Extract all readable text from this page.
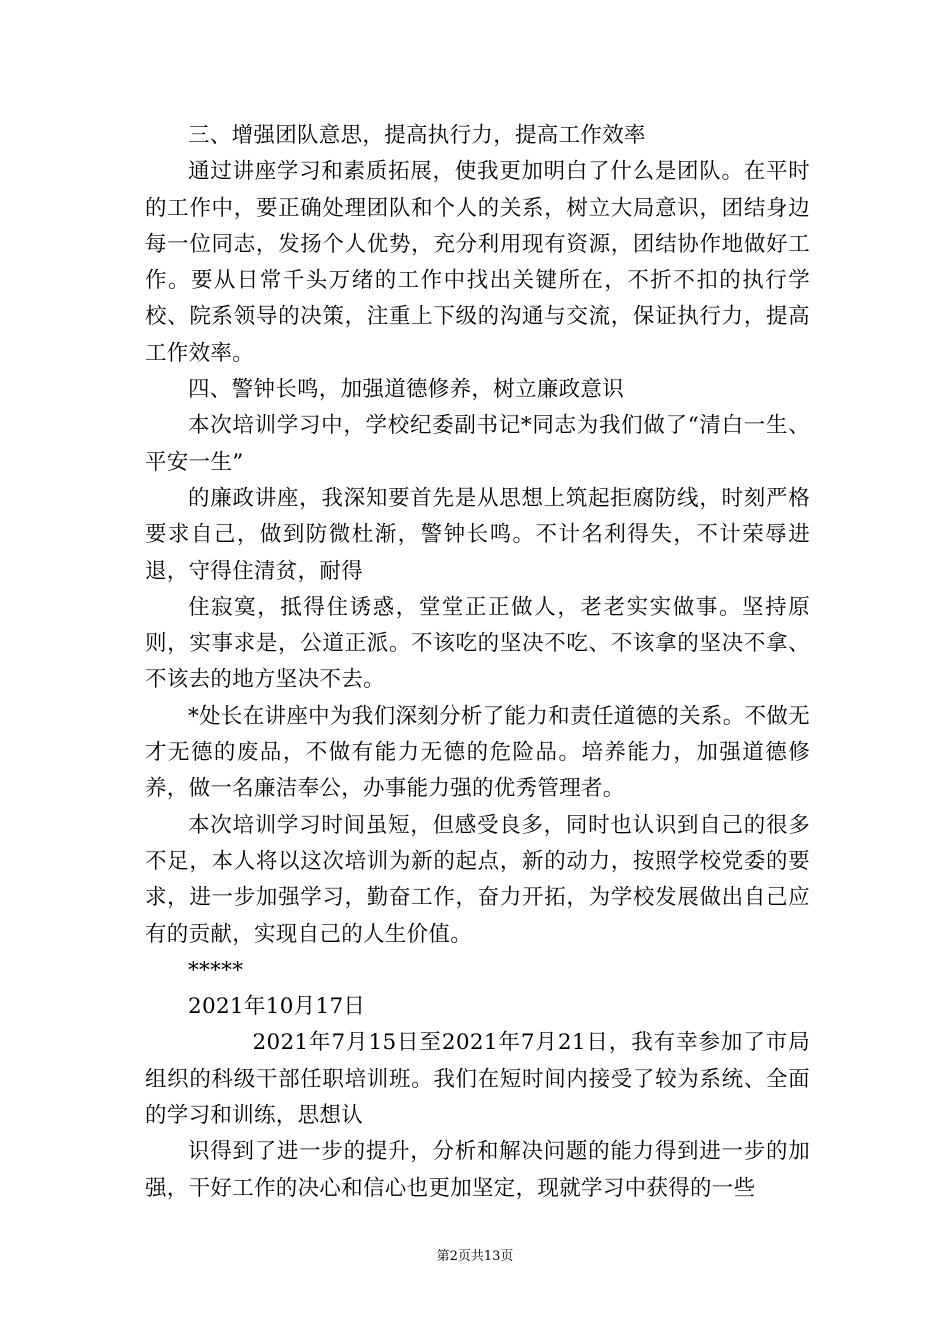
三、增强团队意思，提高执行力，提高工作效率

通过讲座学习和素质拓展，使我更加明白了什么是团队。在平时的工作中，要正确处理团队和个人的关系，树立大局意识，团结身边每一位同志，发扬个人优势，充分利用现有资源，团结协作地做好工作。要从日常千头万绪的工作中找出关键所在，不折不扣的执行学校、院系领导的决策，注重上下级的沟通与交流，保证执行力，提高工作效率。

四、警钟长鸣，加强道德修养，树立廉政意识

本次培训学习中，学校纪委副书记*同志为我们做了“清白一生、平安一生”

的廉政讲座，我深知要首先是从思想上筑起拒腐防线，时刻严格要求自己，做到防微杜渐，警钟长鸣。不计名利得失，不计荣辱进退，守得住清贫，耐得

住寂寞，抵得住诱惑，堂堂正正做人，老老实实做事。坚持原则，实事求是，公道正派。不该吃的坚决不吃、不该拿的坚决不拿、不该去的地方坚决不去。

*处长在讲座中为我们深刻分析了能力和责任道德的关系。不做无才无德的废品，不做有能力无德的危险品。培养能力，加强道德修养，做一名廉洁奉公，办事能力强的优秀管理者。

本次培训学习时间虽短，但感受良多，同时也认识到自己的很多不足，本人将以这次培训为新的起点，新的动力，按照学校党委的要求，进一步加强学习，勤奋工作，奋力开拓，为学校发展做出自己应有的贡献，实现自己的人生价值。

*****

2021年10月17日

2021年7月15日至2021年7月21日，我有幸参加了市局组织的科级干部任职培训班。我们在短时间内接受了较为系统、全面的学习和训练，思想认

识得到了进一步的提升，分析和解决问题的能力得到进一步的加强，干好工作的决心和信心也更加坚定，现就学习中获得的一些

第2页共13页
